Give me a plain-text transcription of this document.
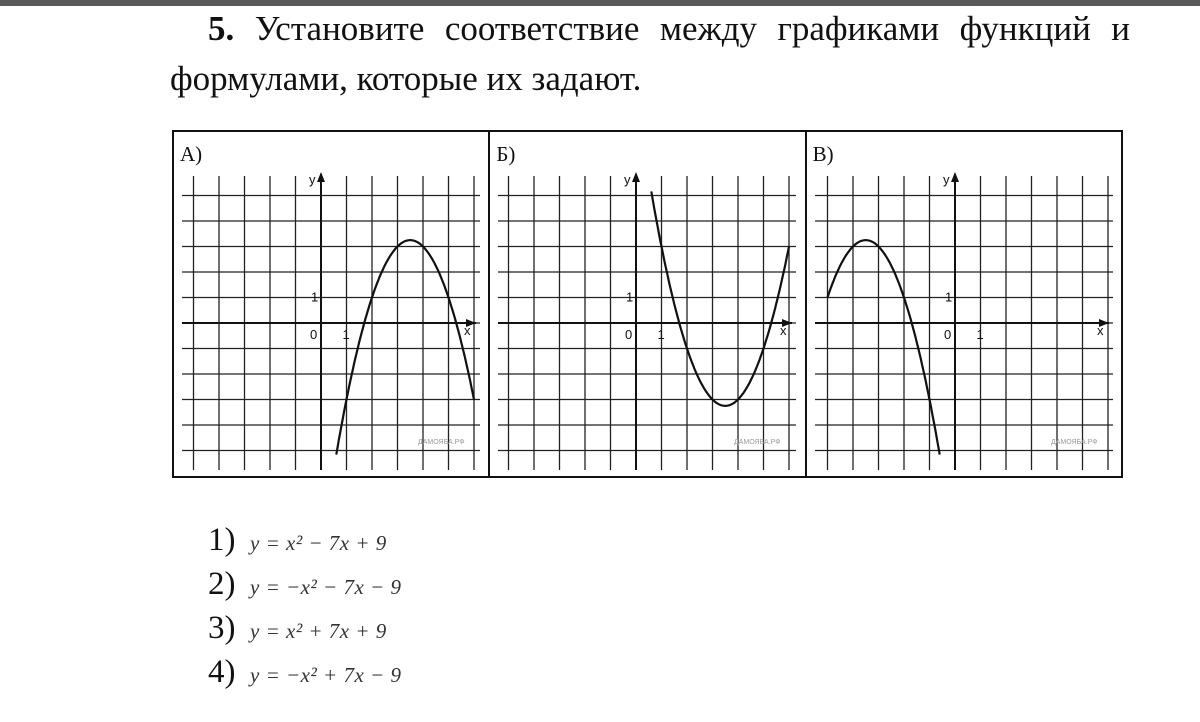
5. Установите соответствие между графиками функций и формулами, которые их задают.
y
x
0 1
1
ДАМОЯБА.РФ
А)
y
x
0 1
1
ДАМОЯБА.РФ
Б)
y
x
0 1
1
ДАМОЯБА.РФ
В)
1) y = x² − 7x + 9
2) y = −x² − 7x − 9
3) y = x² + 7x + 9
4) y = −x² + 7x − 9
